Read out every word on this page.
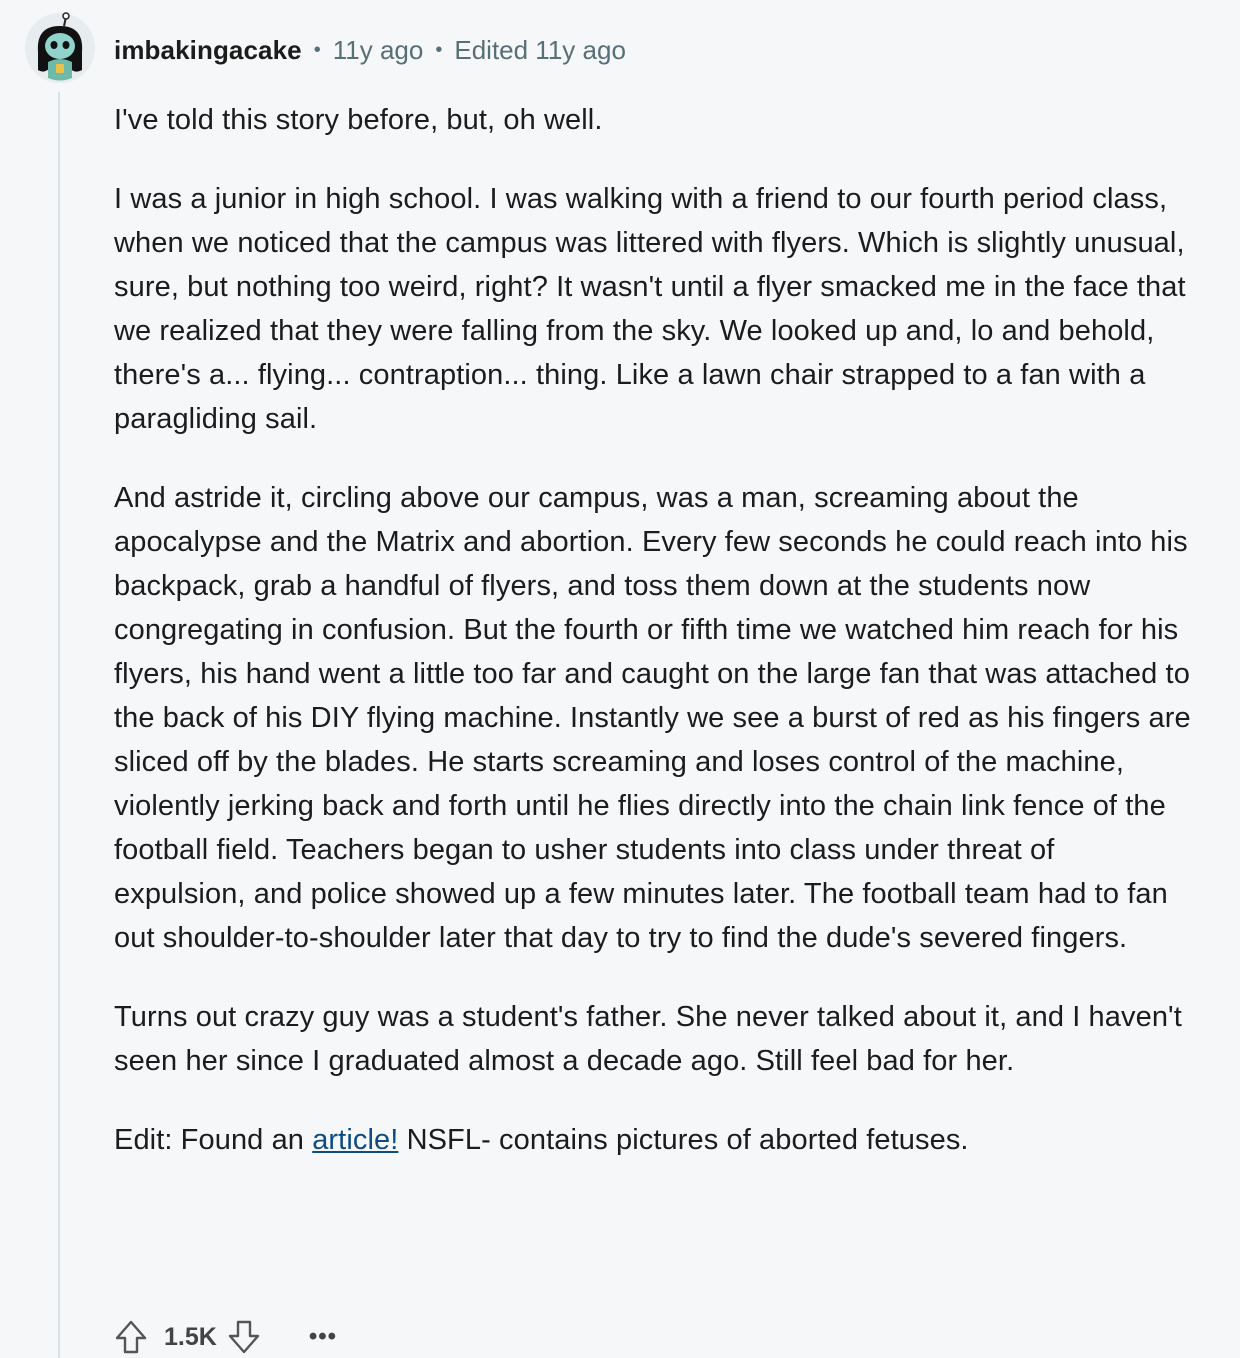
imbakingacake • 11y ago • Edited 11y ago

I've told this story before, but, oh well.

I was a junior in high school. I was walking with a friend to our fourth period class, when we noticed that the campus was littered with flyers. Which is slightly unusual, sure, but nothing too weird, right? It wasn't until a flyer smacked me in the face that we realized that they were falling from the sky. We looked up and, lo and behold, there's a... flying... contraption... thing. Like a lawn chair strapped to a fan with a paragliding sail.

And astride it, circling above our campus, was a man, screaming about the apocalypse and the Matrix and abortion. Every few seconds he could reach into his backpack, grab a handful of flyers, and toss them down at the students now congregating in confusion. But the fourth or fifth time we watched him reach for his flyers, his hand went a little too far and caught on the large fan that was attached to the back of his DIY flying machine. Instantly we see a burst of red as his fingers are sliced off by the blades. He starts screaming and loses control of the machine, violently jerking back and forth until he flies directly into the chain link fence of the football field. Teachers began to usher students into class under threat of expulsion, and police showed up a few minutes later. The football team had to fan out shoulder-to-shoulder later that day to try to find the dude's severed fingers.

Turns out crazy guy was a student's father. She never talked about it, and I haven't seen her since I graduated almost a decade ago. Still feel bad for her.

Edit: Found an article! NSFL- contains pictures of aborted fetuses.

1.5K	•••
